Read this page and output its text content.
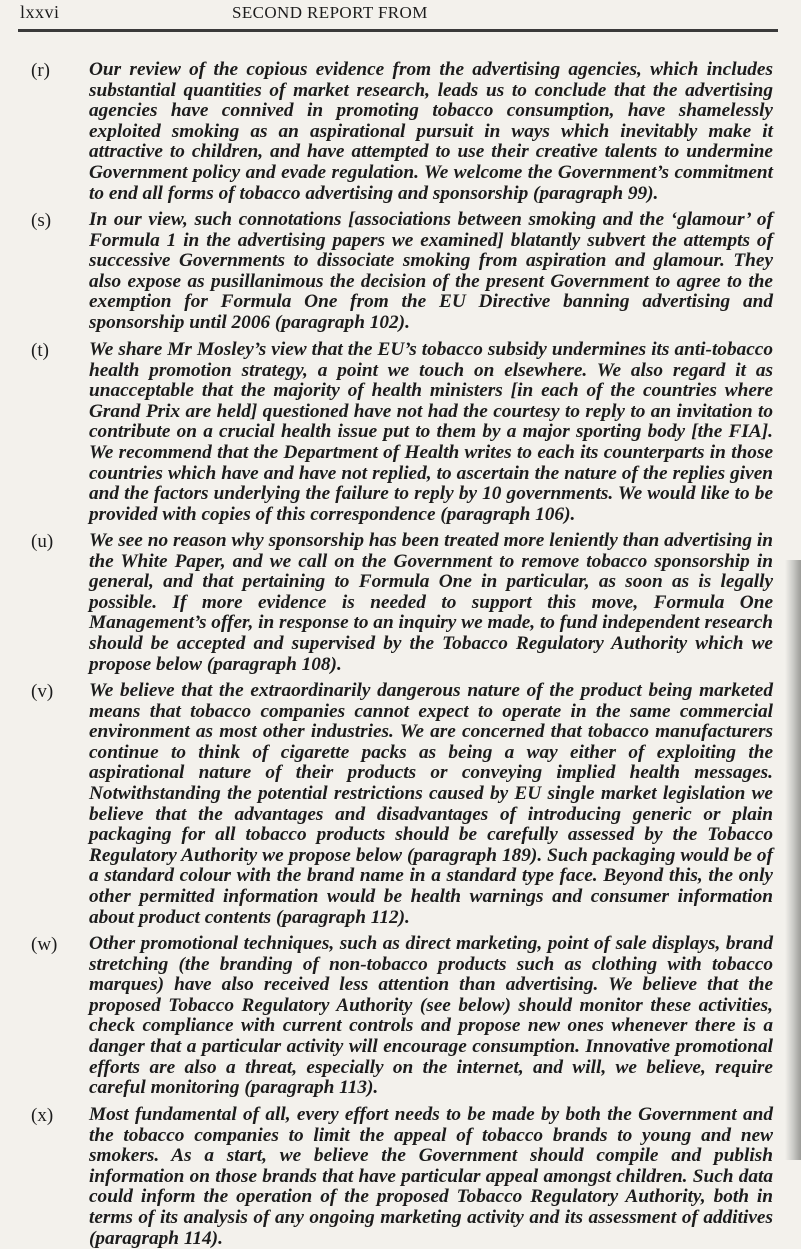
lxxvi	SECOND REPORT FROM
(r) Our review of the copious evidence from the advertising agencies, which includes substantial quantities of market research, leads us to conclude that the advertising agencies have connived in promoting tobacco consumption, have shamelessly exploited smoking as an aspirational pursuit in ways which inevitably make it attractive to children, and have attempted to use their creative talents to undermine Government policy and evade regulation. We welcome the Government’s commitment to end all forms of tobacco advertising and sponsorship (paragraph 99).

(s) In our view, such connotations [associations between smoking and the ‘glamour’ of Formula 1 in the advertising papers we examined] blatantly subvert the attempts of successive Governments to dissociate smoking from aspiration and glamour. They also expose as pusillanimous the decision of the present Government to agree to the exemption for Formula One from the EU Directive banning advertising and sponsorship until 2006 (paragraph 102).

(t) We share Mr Mosley’s view that the EU’s tobacco subsidy undermines its anti-tobacco health promotion strategy, a point we touch on elsewhere. We also regard it as unacceptable that the majority of health ministers [in each of the countries where Grand Prix are held] questioned have not had the courtesy to reply to an invitation to contribute on a crucial health issue put to them by a major sporting body [the FIA]. We recommend that the Department of Health writes to each its counterparts in those countries which have and have not replied, to ascertain the nature of the replies given and the factors underlying the failure to reply by 10 governments. We would like to be provided with copies of this correspondence (paragraph 106).

(u) We see no reason why sponsorship has been treated more leniently than advertising in the White Paper, and we call on the Government to remove tobacco sponsorship in general, and that pertaining to Formula One in particular, as soon as is legally possible. If more evidence is needed to support this move, Formula One Management’s offer, in response to an inquiry we made, to fund independent research should be accepted and supervised by the Tobacco Regulatory Authority which we propose below (paragraph 108).

(v) We believe that the extraordinarily dangerous nature of the product being marketed means that tobacco companies cannot expect to operate in the same commercial environment as most other industries. We are concerned that tobacco manufacturers continue to think of cigarette packs as being a way either of exploiting the aspirational nature of their products or conveying implied health messages. Notwithstanding the potential restrictions caused by EU single market legislation we believe that the advantages and disadvantages of introducing generic or plain packaging for all tobacco products should be carefully assessed by the Tobacco Regulatory Authority we propose below (paragraph 189). Such packaging would be of a standard colour with the brand name in a standard type face. Beyond this, the only other permitted information would be health warnings and consumer information about product contents (paragraph 112).

(w) Other promotional techniques, such as direct marketing, point of sale displays, brand stretching (the branding of non-tobacco products such as clothing with tobacco marques) have also received less attention than advertising. We believe that the proposed Tobacco Regulatory Authority (see below) should monitor these activities, check compliance with current controls and propose new ones whenever there is a danger that a particular activity will encourage consumption. Innovative promotional efforts are also a threat, especially on the internet, and will, we believe, require careful monitoring (paragraph 113).

(x) Most fundamental of all, every effort needs to be made by both the Government and the tobacco companies to limit the appeal of tobacco brands to young and new smokers. As a start, we believe the Government should compile and publish information on those brands that have particular appeal amongst children. Such data could inform the operation of the proposed Tobacco Regulatory Authority, both in terms of its analysis of any ongoing marketing activity and its assessment of additives (paragraph 114).
